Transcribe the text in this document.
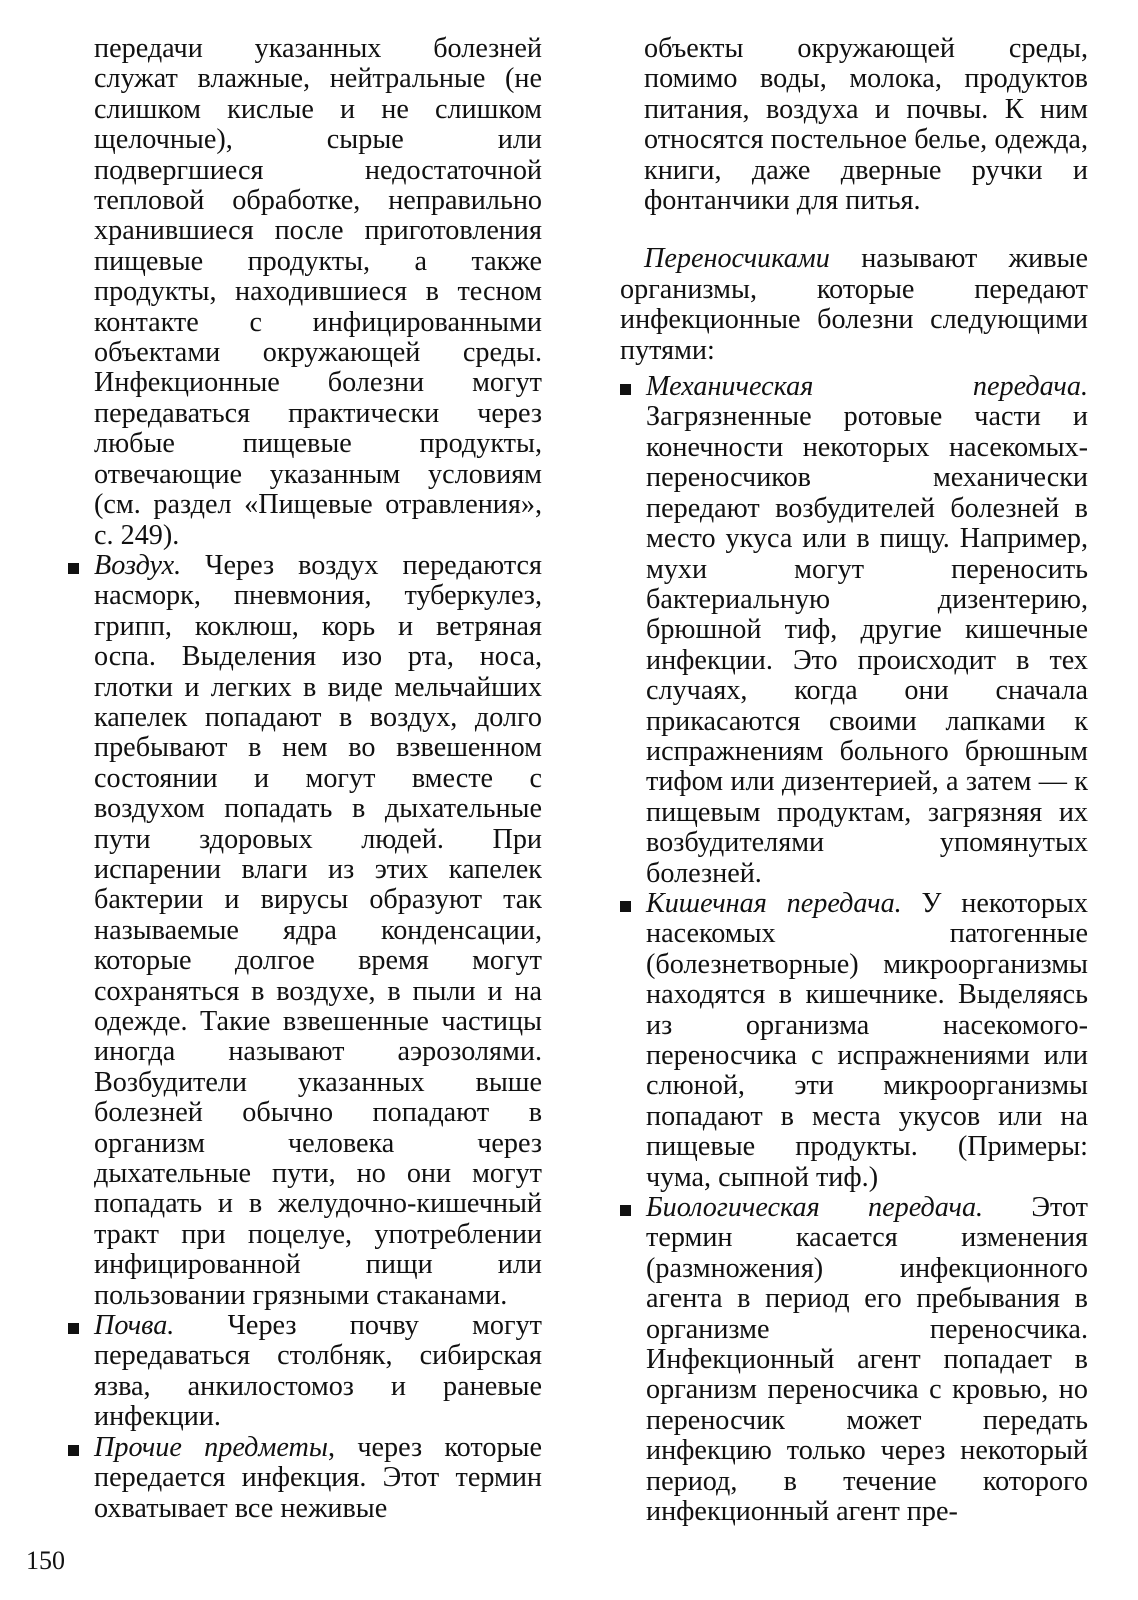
передачи указанных болезней служат влажные, нейтральные (не слишком кислые и не слишком щелочные), сырые или подвергшиеся недостаточной тепловой обработке, неправильно хранившиеся после приготовления пищевые продукты, а также продукты, находившиеся в тесном контакте с инфицированными объектами окружающей среды. Инфекционные болезни могут передаваться практически через любые пищевые продукты, отвечающие указанным условиям (см. раздел «Пищевые отравления», с. 249).

Воздух. Через воздух передаются насморк, пневмония, туберкулез, грипп, коклюш, корь и ветряная оспа. Выделения изо рта, носа, глотки и легких в виде мельчайших капелек попадают в воздух, долго пребывают в нем во взвешенном состоянии и могут вместе с воздухом попадать в дыхательные пути здоровых людей. При испарении влаги из этих капелек бактерии и вирусы образуют так называемые ядра конденсации, которые долгое время могут сохраняться в воздухе, в пыли и на одежде. Такие взвешенные частицы иногда называют аэрозолями. Возбудители указанных выше болезней обычно попадают в организм человека через дыхательные пути, но они могут попадать и в желудочно-кишечный тракт при поцелуе, употреблении инфицированной пищи или пользовании грязными стаканами.
Почва. Через почву могут передаваться столбняк, сибирская язва, анкилостомоз и раневые инфекции.
Прочие предметы, через которые передается инфекция. Этот термин охватывает все неживые

объекты окружающей среды, помимо воды, молока, продуктов питания, воздуха и почвы. К ним относятся постельное белье, одежда, книги, даже дверные ручки и фонтанчики для питья.

Переносчиками называют живые организмы, которые передают инфекционные болезни следующими путями:

Механическая передача. Загрязненные ротовые части и конечности некоторых насекомых-переносчиков механически передают возбудителей болезней в место укуса или в пищу. Например, мухи могут переносить бактериальную дизентерию, брюшной тиф, другие кишечные инфекции. Это происходит в тех случаях, когда они сначала прикасаются своими лапками к испражнениям больного брюшным тифом или дизентерией, а затем — к пищевым продуктам, загрязняя их возбудителями упомянутых болезней.
Кишечная передача. У некоторых насекомых патогенные (болезнетворные) микроорганизмы находятся в кишечнике. Выделяясь из организма насекомого-переносчика с испражнениями или слюной, эти микроорганизмы попадают в места укусов или на пищевые продукты. (Примеры: чума, сыпной тиф.)
Биологическая передача. Этот термин касается изменения (размножения) инфекционного агента в период его пребывания в организме переносчика. Инфекционный агент попадает в организм переносчика с кровью, но переносчик может передать инфекцию только через некоторый период, в течение которого инфекционный агент пре-
150
